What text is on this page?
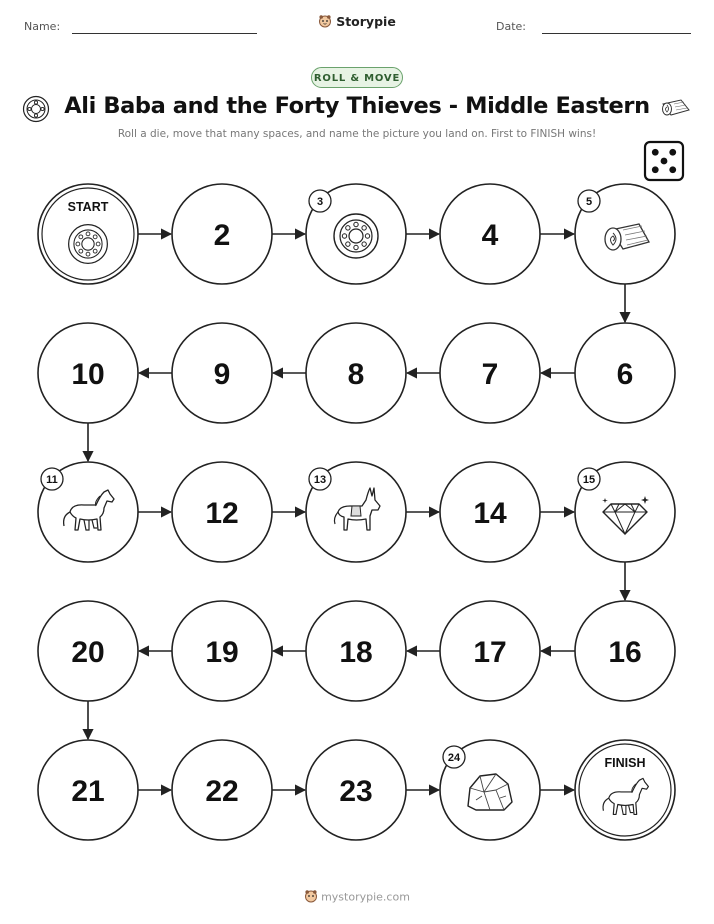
Name:	Storypie	Date:
ROLL & MOVE
Ali Baba and the Forty Thieves - Middle Eastern
Roll a die, move that many spaces, and name the picture you land on. First to FINISH wins!
START
2
3
4
5
6
7
8
9
10
11
12
13
14
15
16
17
18
19
20
21	22	23
24	FINISH
mystorypie.com
